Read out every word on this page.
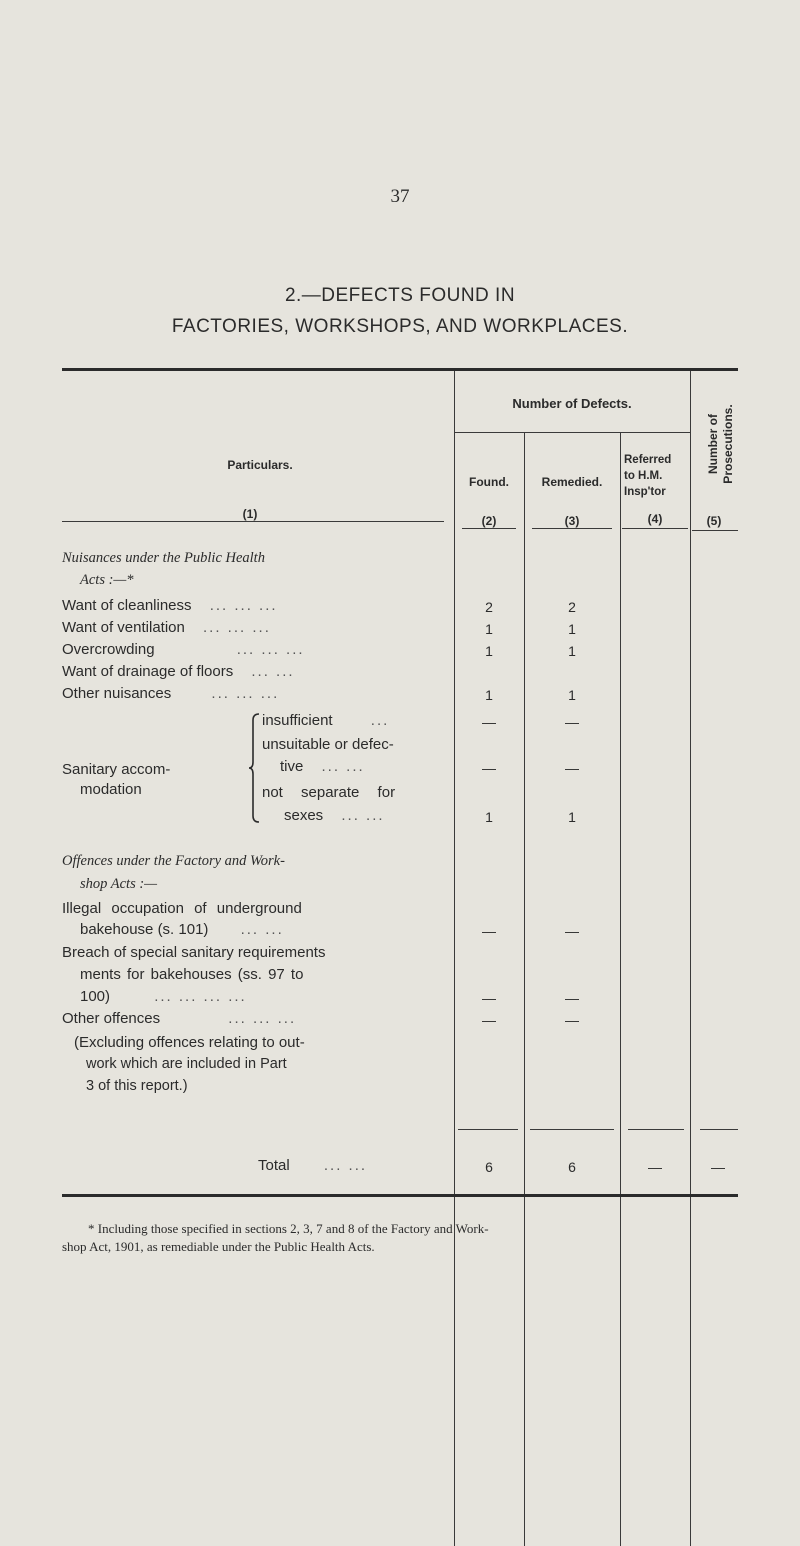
37
2.—DEFECTS FOUND IN
FACTORIES, WORKSHOPS, AND WORKPLACES.
Particulars.
(1)
Number of Defects.
Found.
(2)
Remedied.
(3)
Referred
to H.M.
Insp'tor
(4)
Number of Prosecutions.
(5)
Nuisances under the Public Health
Acts :—*
Want of cleanliness ... ... ...	2	2
Want of ventilation ... ... ...	1	1
Overcrowding	... ... ...	1	1
Want of drainage of floors ... ...
Other nuisances	... ... ...	1	1
Sanitary accom-
modation
insufficient	...	—	—
unsuitable or defec-
tive ... ...	—	—
not separate for
sexes ... ...	1	1
Offences under the Factory and Work-
shop Acts :—
Illegal occupation of underground
bakehouse (s. 101) ... ...	—	—
Breach of special sanitary requirements
ments for bakehouses (ss. 97 to
100)	... ... ... ...	—	—
Other offences	... ... ...	—	—
(Excluding offences relating to out-
work which are included in Part
3 of this report.)
Total ... ...	6	6	—	—
* Including those specified in sections 2, 3, 7 and 8 of the Factory and Work-
shop Act, 1901, as remediable under the Public Health Acts.
